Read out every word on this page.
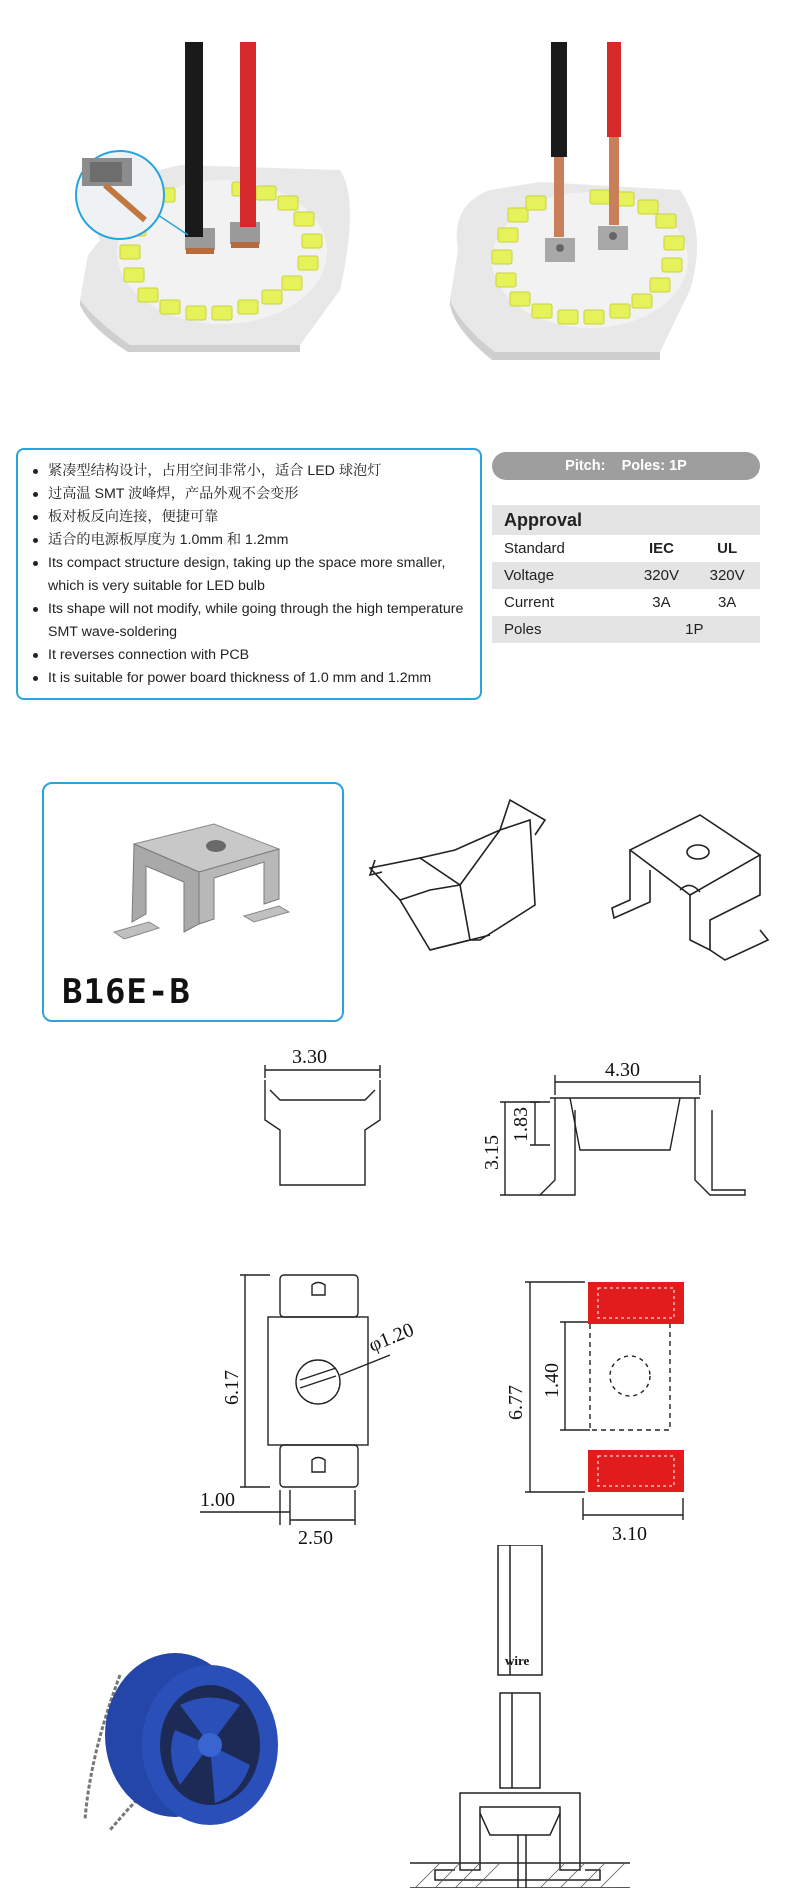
紧凑型结构设计，占用空间非常小，适合 LED 球泡灯
过高温 SMT 波峰焊，产品外观不会变形
板对板反向连接，便捷可靠
适合的电源板厚度为 1.0mm 和 1.2mm
Its compact structure design, taking up the space more smaller, which is very suitable for LED bulb
Its shape will not modify, while going through the high temperature SMT wave-soldering
It reverses connection with PCB
It is suitable for power board thickness of 1.0 mm and 1.2mm
Pitch: Poles: 1P
Approval		
Standard	IEC	UL
Voltage	320V	320V
Current	3A	3A
Poles	1P	
B16E-B
3.30
4.30
3.15
1.83
6.17
φ1.20
1.00
2.50
6.77
1.40
3.10
wire
